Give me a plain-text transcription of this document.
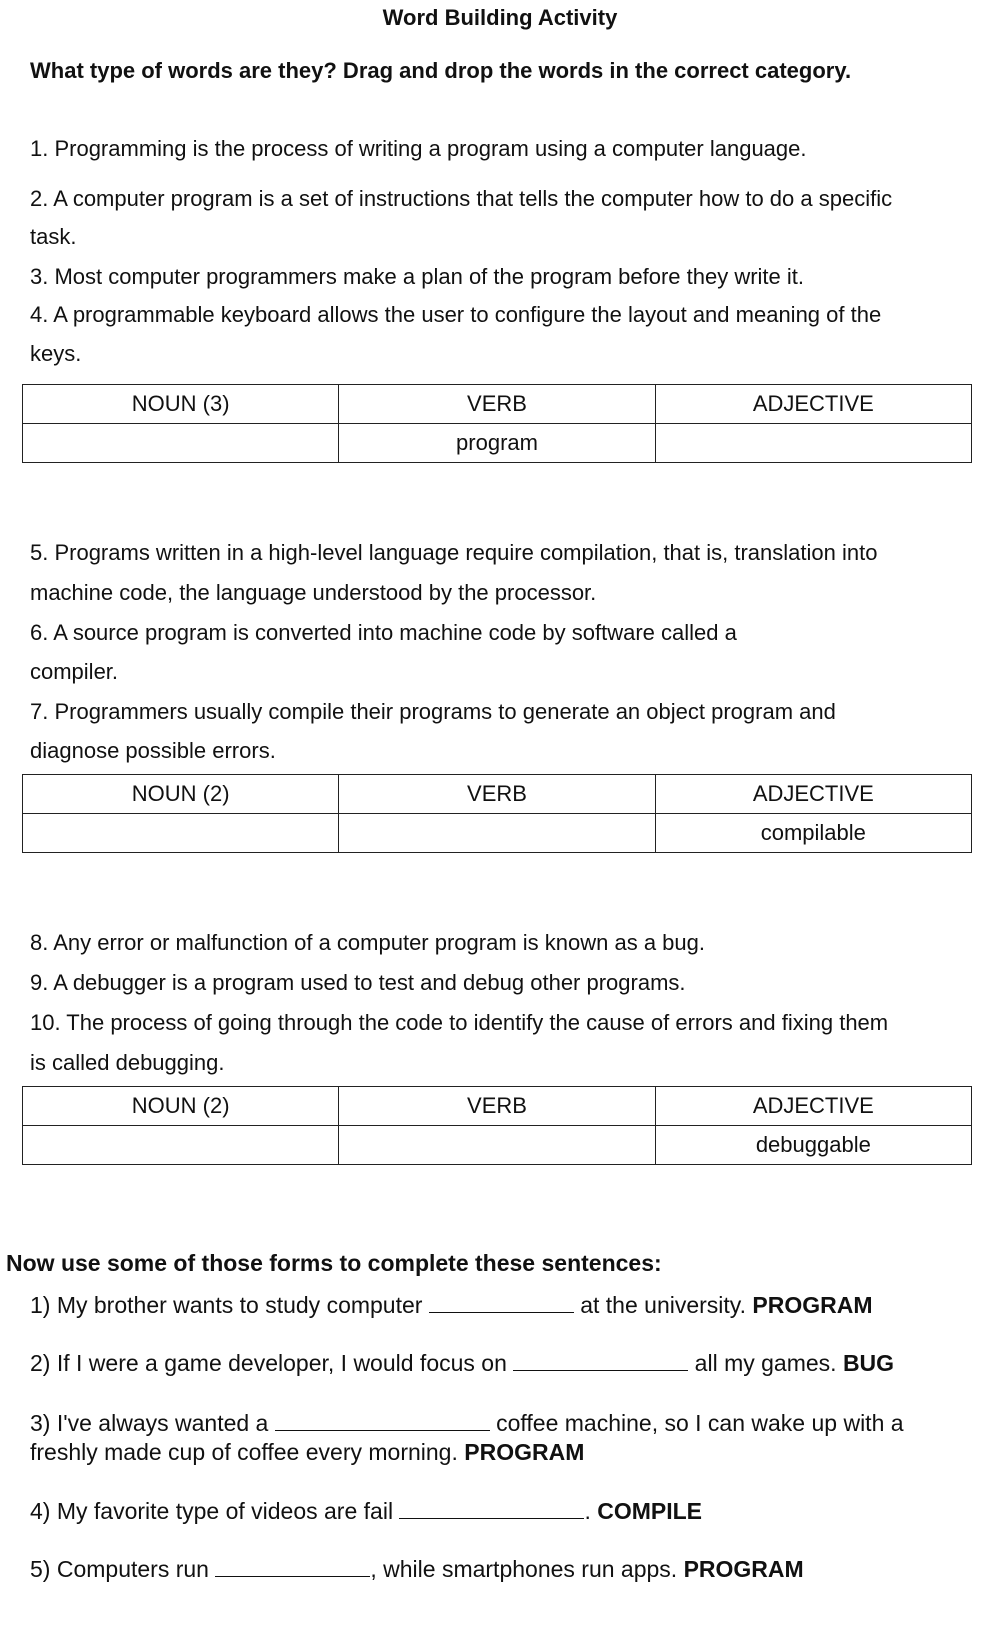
Word Building Activity
What type of words are they? Drag and drop the words in the correct category.
1. Programming is the process of writing a program using a computer language.
2. A computer program is a set of instructions that tells the computer how to do a specific
task.
3. Most computer programmers make a plan of the program before they write it.
4. A programmable keyboard allows the user to configure the layout and meaning of the
keys.
NOUN (3)	VERB	ADJECTIVE
	program	
5. Programs written in a high-level language require compilation, that is, translation into
machine code, the language understood by the processor.
6. A source program is converted into machine code by software called a
compiler.
7. Programmers usually compile their programs to generate an object program and
diagnose possible errors.
NOUN (2)	VERB	ADJECTIVE
		compilable
8. Any error or malfunction of a computer program is known as a bug.
9. A debugger is a program used to test and debug other programs.
10. The process of going through the code to identify the cause of errors and fixing them
is called debugging.
NOUN (2)	VERB	ADJECTIVE
		debuggable
Now use some of those forms to complete these sentences:
1) My brother wants to study computer	at the university. PROGRAM
2) If I were a game developer, I would focus on	all my games. BUG
3) I've always wanted a	coffee machine, so I can wake up with a
freshly made cup of coffee every morning. PROGRAM
4) My favorite type of videos are fail	. COMPILE
5) Computers run	, while smartphones run apps. PROGRAM
